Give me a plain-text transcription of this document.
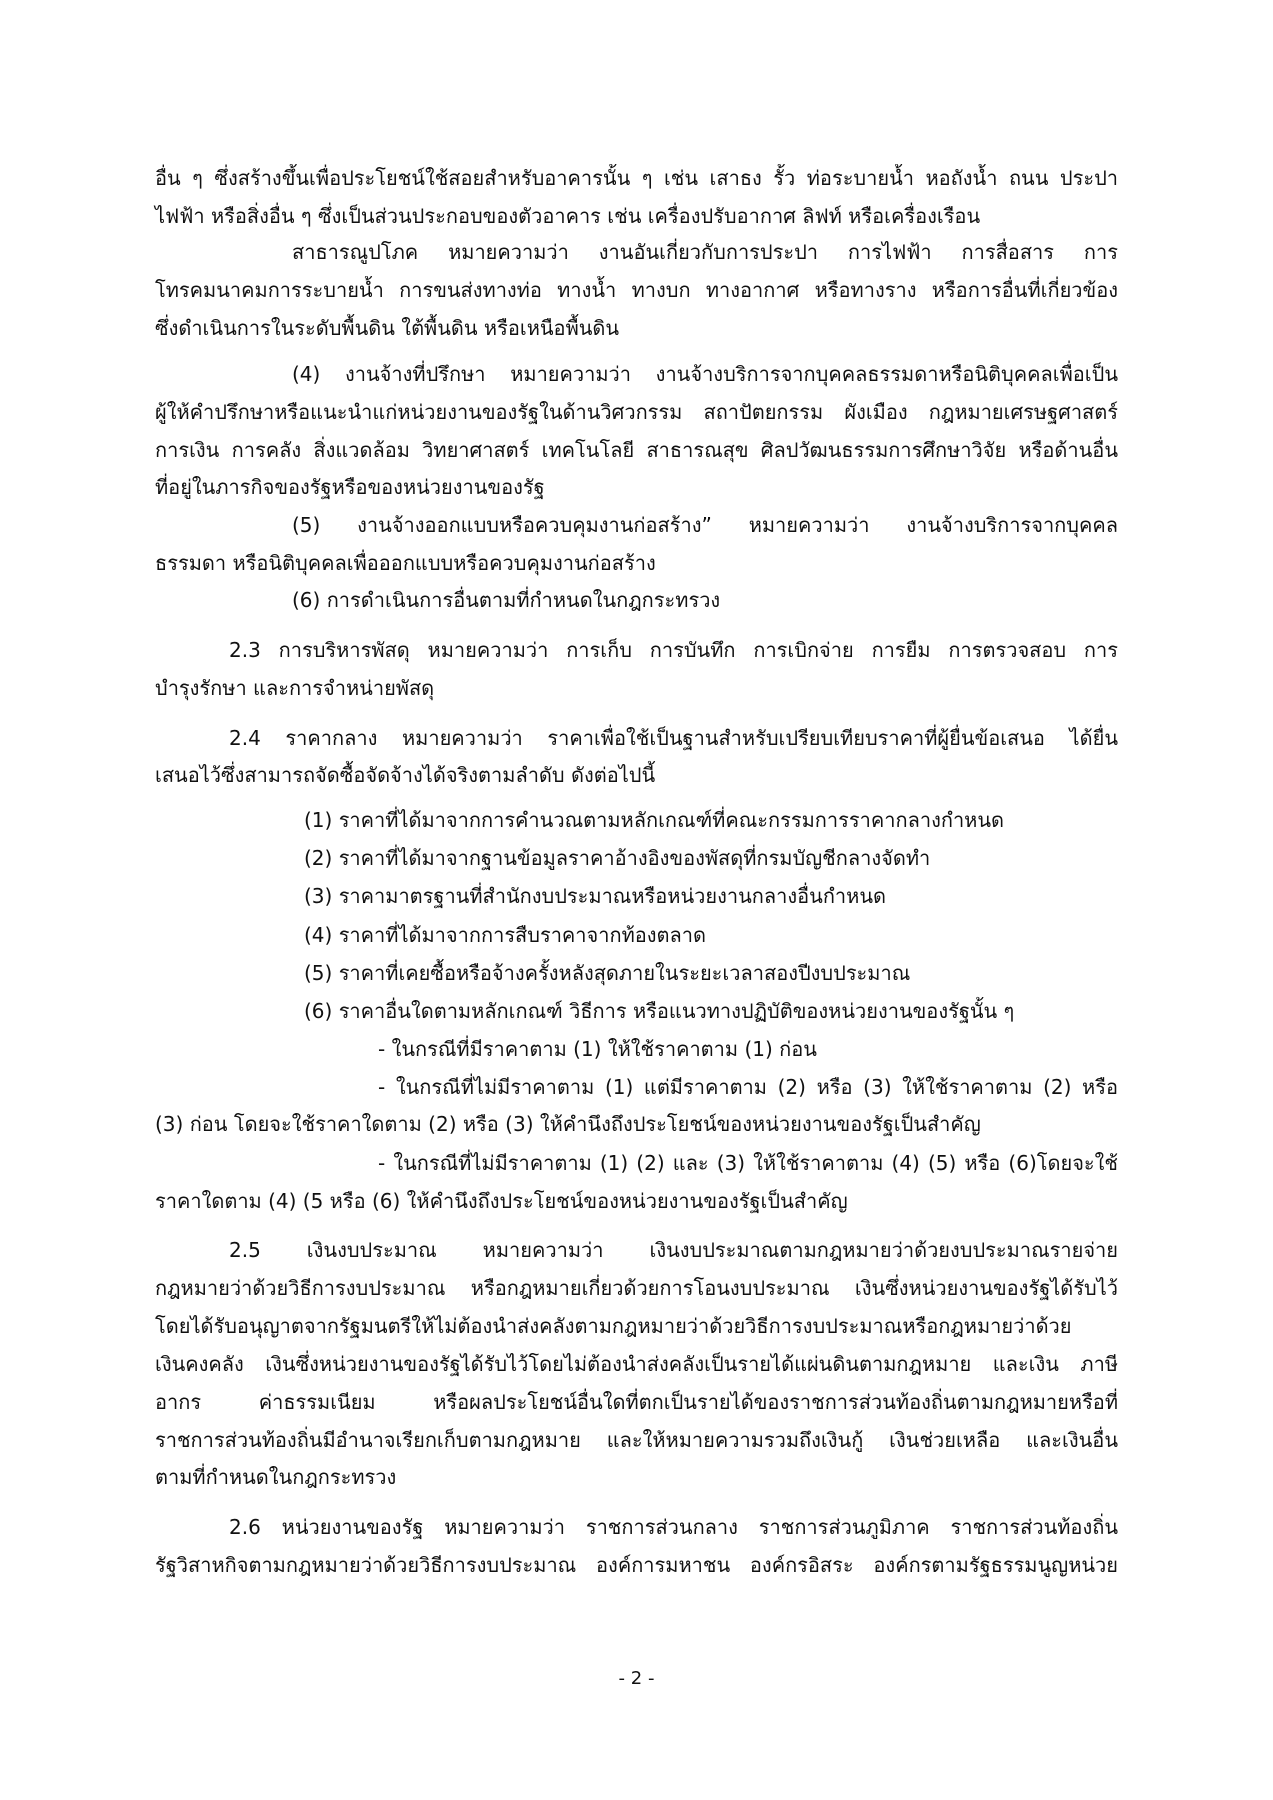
อื่น ๆ ซึ่งสร้างขึ้นเพื่อประโยชน์ใช้สอยสำหรับอาคารนั้น ๆ เช่น เสาธง รั้ว ท่อระบายน้ำ หอถังน้ำ ถนน ประปา
ไฟฟ้า หรือสิ่งอื่น ๆ ซึ่งเป็นส่วนประกอบของตัวอาคาร เช่น เครื่องปรับอากาศ ลิฟท์ หรือเครื่องเรือน
สาธารณูปโภค หมายความว่า งานอันเกี่ยวกับการประปา การไฟฟ้า การสื่อสาร การ
โทรคมนาคมการระบายน้ำ การขนส่งทางท่อ ทางน้ำ ทางบก ทางอากาศ หรือทางราง หรือการอื่นที่เกี่ยวข้อง
ซึ่งดำเนินการในระดับพื้นดิน ใต้พื้นดิน หรือเหนือพื้นดิน
(4) งานจ้างที่ปรึกษา หมายความว่า งานจ้างบริการจากบุคคลธรรมดาหรือนิติบุคคลเพื่อเป็น
ผู้ให้คำปรึกษาหรือแนะนำแก่หน่วยงานของรัฐในด้านวิศวกรรม สถาปัตยกรรม ผังเมือง กฎหมายเศรษฐศาสตร์
การเงิน การคลัง สิ่งแวดล้อม วิทยาศาสตร์ เทคโนโลยี สาธารณสุข ศิลปวัฒนธรรมการศึกษาวิจัย หรือด้านอื่น
ที่อยู่ในภารกิจของรัฐหรือของหน่วยงานของรัฐ
(5) งานจ้างออกแบบหรือควบคุมงานก่อสร้าง” หมายความว่า งานจ้างบริการจากบุคคล
ธรรมดา หรือนิติบุคคลเพื่อออกแบบหรือควบคุมงานก่อสร้าง
(6) การดำเนินการอื่นตามที่กำหนดในกฎกระทรวง
2.3 การบริหารพัสดุ หมายความว่า การเก็บ การบันทึก การเบิกจ่าย การยืม การตรวจสอบ การ
บำรุงรักษา และการจำหน่ายพัสดุ
2.4 ราคากลาง หมายความว่า ราคาเพื่อใช้เป็นฐานสำหรับเปรียบเทียบราคาที่ผู้ยื่นข้อเสนอ ได้ยื่น
เสนอไว้ซึ่งสามารถจัดซื้อจัดจ้างได้จริงตามลำดับ ดังต่อไปนี้
(1) ราคาที่ได้มาจากการคำนวณตามหลักเกณฑ์ที่คณะกรรมการราคากลางกำหนด
(2) ราคาที่ได้มาจากฐานข้อมูลราคาอ้างอิงของพัสดุที่กรมบัญชีกลางจัดทำ
(3) ราคามาตรฐานที่สำนักงบประมาณหรือหน่วยงานกลางอื่นกำหนด
(4) ราคาที่ได้มาจากการสืบราคาจากท้องตลาด
(5) ราคาที่เคยซื้อหรือจ้างครั้งหลังสุดภายในระยะเวลาสองปีงบประมาณ
(6) ราคาอื่นใดตามหลักเกณฑ์ วิธีการ หรือแนวทางปฏิบัติของหน่วยงานของรัฐนั้น ๆ
- ในกรณีที่มีราคาตาม (1) ให้ใช้ราคาตาม (1) ก่อน
- ในกรณีที่ไม่มีราคาตาม (1) แต่มีราคาตาม (2) หรือ (3) ให้ใช้ราคาตาม (2) หรือ
(3) ก่อน โดยจะใช้ราคาใดตาม (2) หรือ (3) ให้คำนึงถึงประโยชน์ของหน่วยงานของรัฐเป็นสำคัญ
- ในกรณีที่ไม่มีราคาตาม (1) (2) และ (3) ให้ใช้ราคาตาม (4) (5) หรือ (6)โดยจะใช้
ราคาใดตาม (4) (5 หรือ (6) ให้คำนึงถึงประโยชน์ของหน่วยงานของรัฐเป็นสำคัญ
2.5 เงินงบประมาณ หมายความว่า เงินงบประมาณตามกฎหมายว่าด้วยงบประมาณรายจ่าย
กฎหมายว่าด้วยวิธีการงบประมาณ หรือกฎหมายเกี่ยวด้วยการโอนงบประมาณ เงินซึ่งหน่วยงานของรัฐได้รับไว้
โดยได้รับอนุญาตจากรัฐมนตรีให้ไม่ต้องนำส่งคลังตามกฎหมายว่าด้วยวิธีการงบประมาณหรือกฎหมายว่าด้วย
เงินคงคลัง เงินซึ่งหน่วยงานของรัฐได้รับไว้โดยไม่ต้องนำส่งคลังเป็นรายได้แผ่นดินตามกฎหมาย และเงิน ภาษี
อากร ค่าธรรมเนียม หรือผลประโยชน์อื่นใดที่ตกเป็นรายได้ของราชการส่วนท้องถิ่นตามกฎหมายหรือที่
ราชการส่วนท้องถิ่นมีอำนาจเรียกเก็บตามกฎหมาย และให้หมายความรวมถึงเงินกู้ เงินช่วยเหลือ และเงินอื่น
ตามที่กำหนดในกฎกระทรวง
2.6 หน่วยงานของรัฐ หมายความว่า ราชการส่วนกลาง ราชการส่วนภูมิภาค ราชการส่วนท้องถิ่น
รัฐวิสาหกิจตามกฎหมายว่าด้วยวิธีการงบประมาณ องค์การมหาชน องค์กรอิสระ องค์กรตามรัฐธรรมนูญหน่วย
- 2 -
